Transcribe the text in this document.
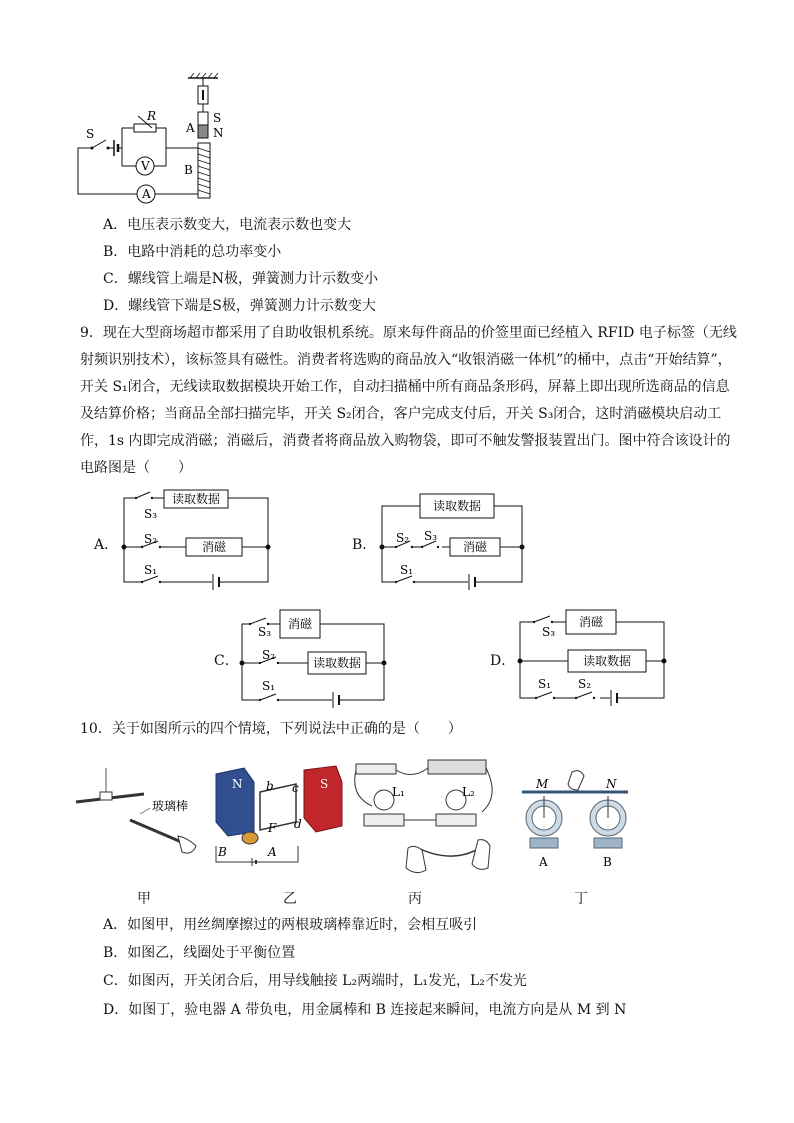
S
N
A
B
S
R
V
A
A．电压表示数变大，电流表示数也变大
B．电路中消耗的总功率变小
C．螺线管上端是N极，弹簧测力计示数变小
D．螺线管下端是S极，弹簧测力计示数变大
9．现在大型商场超市都采用了自助收银机系统。原来每件商品的价签里面已经植入 RFID 电子标签（无线
射频识别技术），该标签具有磁性。消费者将选购的商品放入“收银消磁一体机”的桶中，点击“开始结算”，
开关 S₁闭合，无线读取数据模块开始工作，自动扫描桶中所有商品条形码，屏幕上即出现所选商品的信息
及结算价格；当商品全部扫描完毕，开关 S₂闭合，客户完成支付后，开关 S₃闭合，这时消磁模块启动工
作，1s 内即完成消磁；消磁后，消费者将商品放入购物袋，即可不触发警报装置出门。图中符合该设计的
电路图是（　　）
A．
读取数据
S₃
消磁
S₂
S₁
B．
读取数据
消磁
S₂ S₃
S₁
C．
消磁
S₃
读取数据
S₂
S₁
D．
消磁
S₃
读取数据
S₁ S₂
10．关于如图所示的四个情境，下列说法中正确的是（　　）
玻璃棒
N	S
b c
d
F
B	A
L₁	L₂
M	N
A	B
甲	乙	丙	丁
A．如图甲，用丝绸摩擦过的两根玻璃棒靠近时，会相互吸引
B．如图乙，线圈处于平衡位置
C．如图丙，开关闭合后，用导线触接 L₂两端时，L₁发光，L₂不发光
D．如图丁，验电器 A 带负电，用金属棒和 B 连接起来瞬间，电流方向是从 M 到 N
